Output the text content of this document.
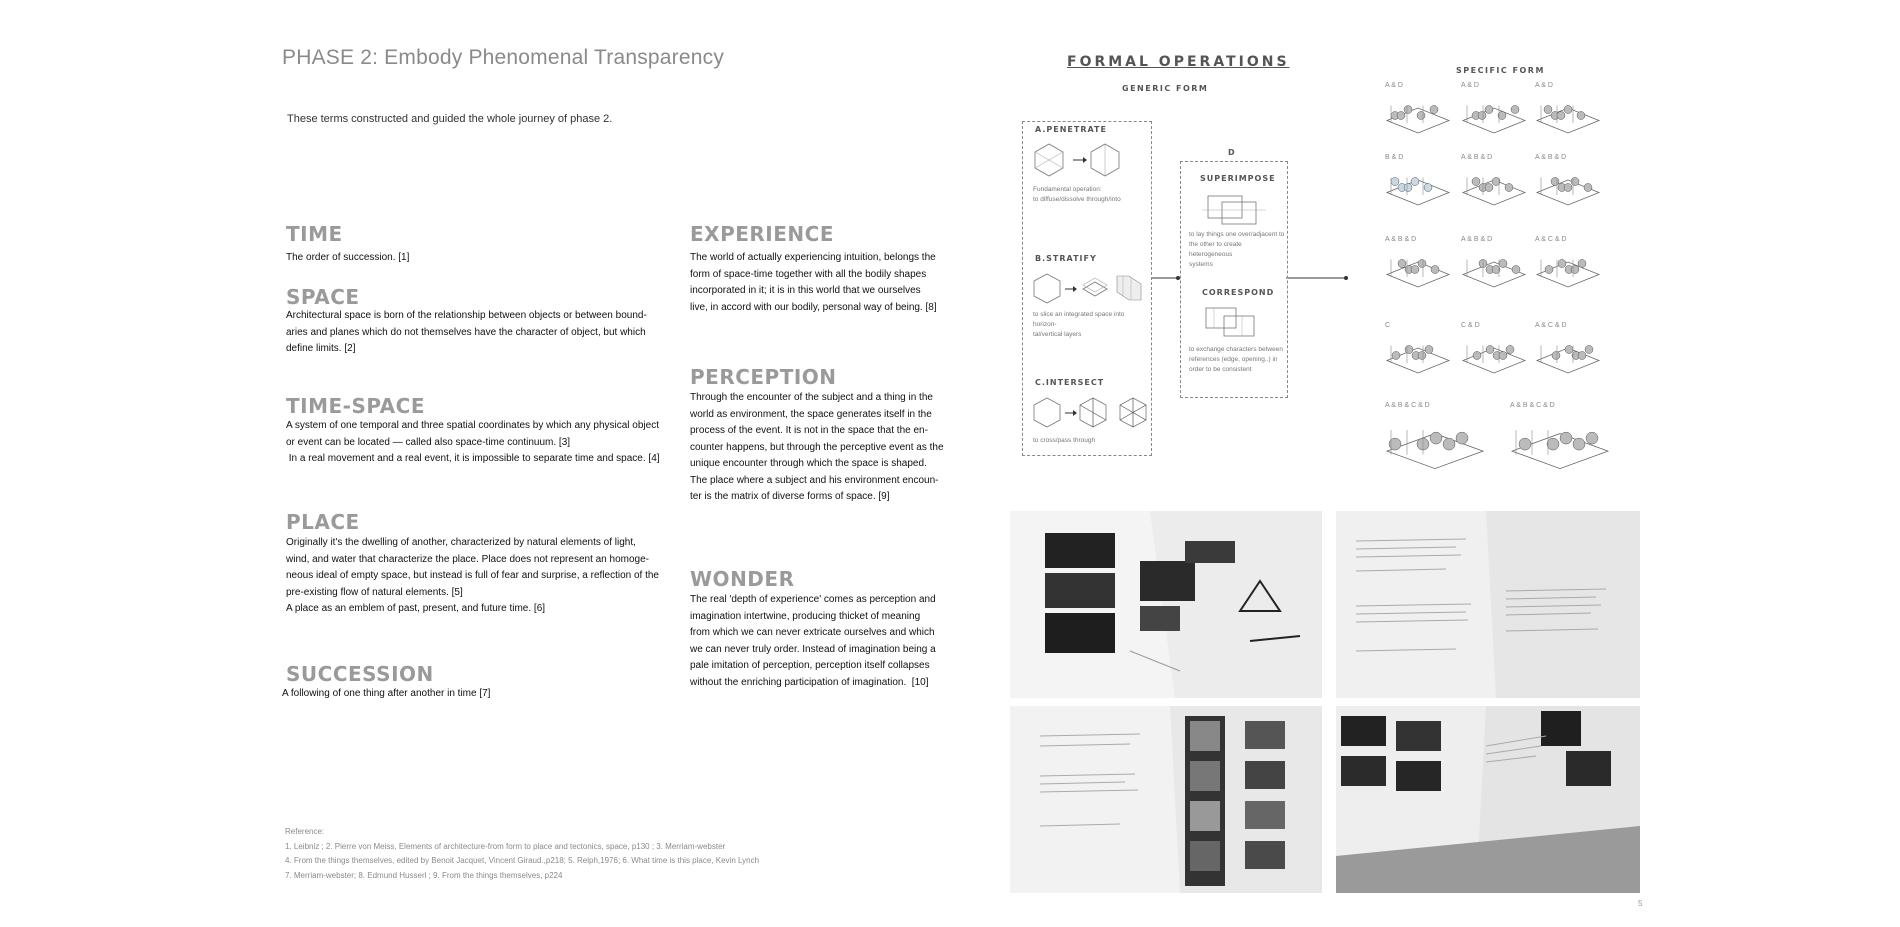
PHASE 2: Embody Phenomenal Transparency
These terms constructed and guided the whole journey of phase 2.
TIME
The order of succession. [1]
SPACE
Architectural space is born of the relationship between objects or between bound-
aries and planes which do not themselves have the character of object, but which
define limits. [2]
TIME-SPACE
A system of one temporal and three spatial coordinates by which any physical object
or event can be located — called also space-time continuum. [3]
In a real movement and a real event, it is impossible to separate time and space. [4]
PLACE
Originally it's the dwelling of another, characterized by natural elements of light,
wind, and water that characterize the place. Place does not represent an homoge-
neous ideal of empty space, but instead is full of fear and surprise, a reflection of the
pre-existing flow of natural elements. [5]
A place as an emblem of past, present, and future time. [6]
SUCCESSION
A following of one thing after another in time [7]
EXPERIENCE
The world of actually experiencing intuition, belongs the
form of space-time together with all the bodily shapes
incorporated in it; it is in this world that we ourselves
live, in accord with our bodily, personal way of being. [8]
PERCEPTION
Through the encounter of the subject and a thing in the
world as environment, the space generates itself in the
process of the event. It is not in the space that the en-
counter happens, but through the perceptive event as the
unique encounter through which the space is shaped.
The place where a subject and his environment encoun-
ter is the matrix of diverse forms of space. [9]
WONDER
The real 'depth of experience' comes as perception and
imagination intertwine, producing thicket of meaning
from which we can never extricate ourselves and which
we can never truly order. Instead of imagination being a
pale imitation of perception, perception itself collapses
without the enriching participation of imagination.  [10]
Reference:
1. Leibniz ; 2. Pierre von Meiss, Elements of architecture-from form to place and tectonics, space, p130 ; 3. Merriam-webster
4. From the things themselves, edited by Benoit Jacquet, Vincent Giraud.,p218; 5. Relph,1976; 6. What time is this place, Kevin Lynch
7. Merriam-webster; 8. Edmund Husserl ; 9. From the things themselves, p224
FORMAL OPERATIONS
GENERIC FORM
SPECIFIC FORM
A.PENETRATE
Fundamental operation:
to diffuse/dissolve through/into
B.STRATIFY
to slice an integrated space into horizon-
tal/vertical layers
C.INTERSECT
to cross/pass through
D
SUPERIMPOSE
to lay things one over/adjacent to
the other to create heterogeneous
systems
CORRESPOND
to exchange characters between
references (edge, opening..) in
order to be consistent
A & D	A & D	A & D
B & D	A & B & D	A & B & D
A & B & D	A & B & D	A & C & D
C	C & D	A & C & D
A & B & C & D	A & B & C & D
5
